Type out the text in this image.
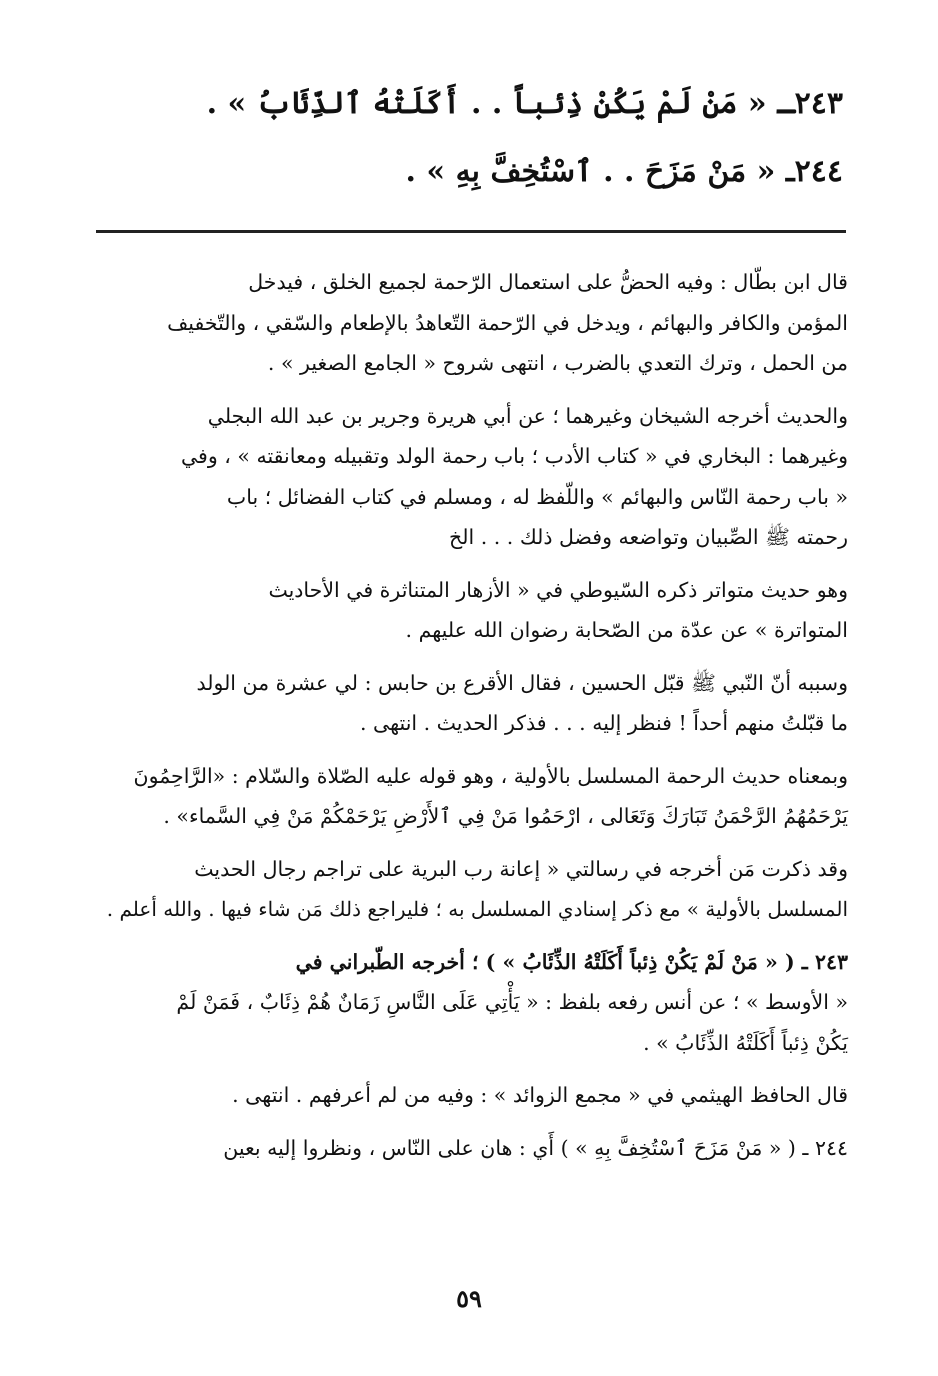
٢٤٣ـ « مَنْ لَمْ يَكُنْ ذِئباً . . أَكَلَتْهُ ٱلذِّئَابُ » .
٢٤٤ـ « مَنْ مَزَحَ . . ٱسْتُخِفَّ بِهِ » .
قال ابن بطّال : وفيه الحضُّ على استعمال الرّحمة لجميع الخلق ، فيدخل
المؤمن والكافر والبهائم ، ويدخل في الرّحمة التّعاهدُ بالإطعام والسّقي ، والتّخفيف
من الحمل ، وترك التعدي بالضرب ، انتهى شروح « الجامع الصغير » .
والحديث أخرجه الشيخان وغيرهما ؛ عن أبي هريرة وجرير بن عبد الله البجلي
وغيرهما : البخاري في « كتاب الأدب ؛ باب رحمة الولد وتقبيله ومعانقته » ، وفي
« باب رحمة النّاس والبهائم » واللّفظ له ، ومسلم في كتاب الفضائل ؛ باب
رحمته ﷺ الصِّبيان وتواضعه وفضل ذلك . . . الخ
وهو حديث متواتر ذكره السّيوطي في « الأزهار المتناثرة في الأحاديث
المتواترة » عن عدّة من الصّحابة رضوان الله عليهم .
وسببه أنّ النّبي ﷺ قبّل الحسين ، فقال الأقرع بن حابس : لي عشرة من الولد
ما قبّلتُ منهم أحداً ! فنظر إليه . . . فذكر الحديث . انتهى .
وبمعناه حديث الرحمة المسلسل بالأولية ، وهو قوله عليه الصّلاة والسّلام : «الرَّاحِمُونَ
يَرْحَمُهُمُ الرَّحْمَنُ تَبَارَكَ وَتَعَالى ، ارْحَمُوا مَنْ فِي ٱلأَرْضِ يَرْحَمْكُمْ مَنْ فِي السَّماء» .
وقد ذكرت مَن أخرجه في رسالتي « إعانة رب البرية على تراجم رجال الحديث
المسلسل بالأولية » مع ذكر إسنادي المسلسل به ؛ فليراجع ذلك مَن شاء فيها . والله أعلم .
٢٤٣ ـ ( « مَنْ لَمْ يَكُنْ ذِئباً أَكَلَتْهُ الذِّئَابُ » ) ؛ أخرجه الطّبراني في
« الأوسط » ؛ عن أنس رفعه بلفظ : « يَأْتِي عَلَى النَّاسِ زَمَانٌ هُمْ ذِئَابٌ ، فَمَنْ لَمْ
يَكُنْ ذِئباً أَكَلَتْهُ الذِّئَابُ » .
قال الحافظ الهيثمي في « مجمع الزوائد » : وفيه من لم أعرفهم . انتهى .
٢٤٤ ـ ( « مَنْ مَزَحَ ٱسْتُخِفَّ بِهِ » ) أَي : هان على النّاس ، ونظروا إليه بعين
٥٩
